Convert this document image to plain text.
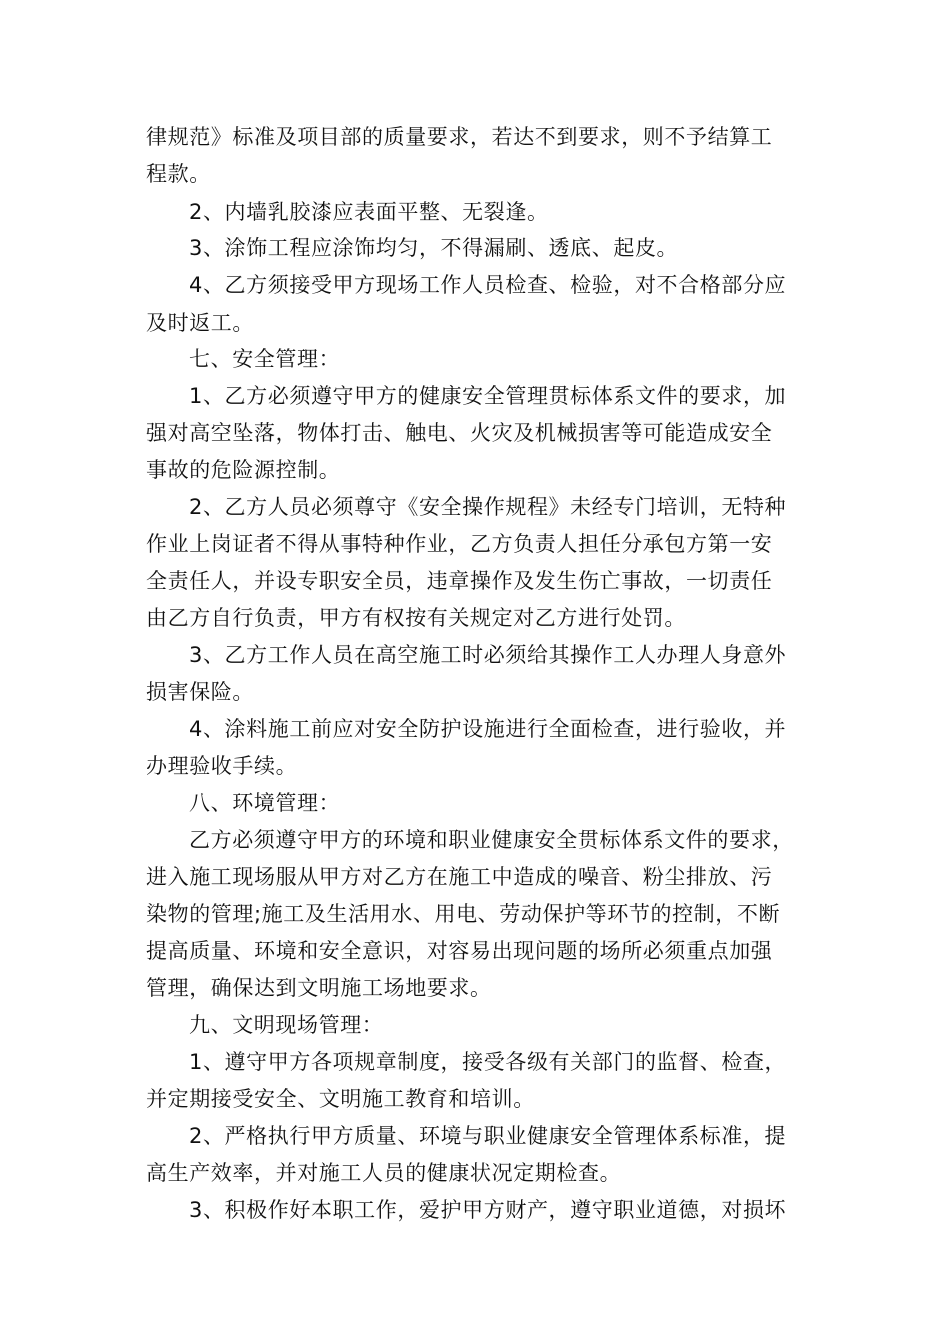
律规范》标准及项目部的质量要求，若达不到要求，则不予结算工
程款。
2、内墙乳胶漆应表面平整、无裂逢。
3、涂饰工程应涂饰均匀，不得漏刷、透底、起皮。
4、乙方须接受甲方现场工作人员检查、检验，对不合格部分应
及时返工。
七、安全管理：
1、乙方必须遵守甲方的健康安全管理贯标体系文件的要求，加
强对高空坠落，物体打击、触电、火灾及机械损害等可能造成安全
事故的危险源控制。
2、乙方人员必须尊守《安全操作规程》未经专门培训，无特种
作业上岗证者不得从事特种作业，乙方负责人担任分承包方第一安
全责任人，并设专职安全员，违章操作及发生伤亡事故，一切责任
由乙方自行负责，甲方有权按有关规定对乙方进行处罚。
3、乙方工作人员在高空施工时必须给其操作工人办理人身意外
损害保险。
4、涂料施工前应对安全防护设施进行全面检查，进行验收，并
办理验收手续。
八、环境管理：
乙方必须遵守甲方的环境和职业健康安全贯标体系文件的要求，
进入施工现场服从甲方对乙方在施工中造成的噪音、粉尘排放、污
染物的管理;施工及生活用水、用电、劳动保护等环节的控制，不断
提高质量、环境和安全意识，对容易出现问题的场所必须重点加强
管理，确保达到文明施工场地要求。
九、文明现场管理：
1、遵守甲方各项规章制度，接受各级有关部门的监督、检查，
并定期接受安全、文明施工教育和培训。
2、严格执行甲方质量、环境与职业健康安全管理体系标准，提
高生产效率，并对施工人员的健康状况定期检查。
3、积极作好本职工作，爱护甲方财产，遵守职业道德，对损坏
